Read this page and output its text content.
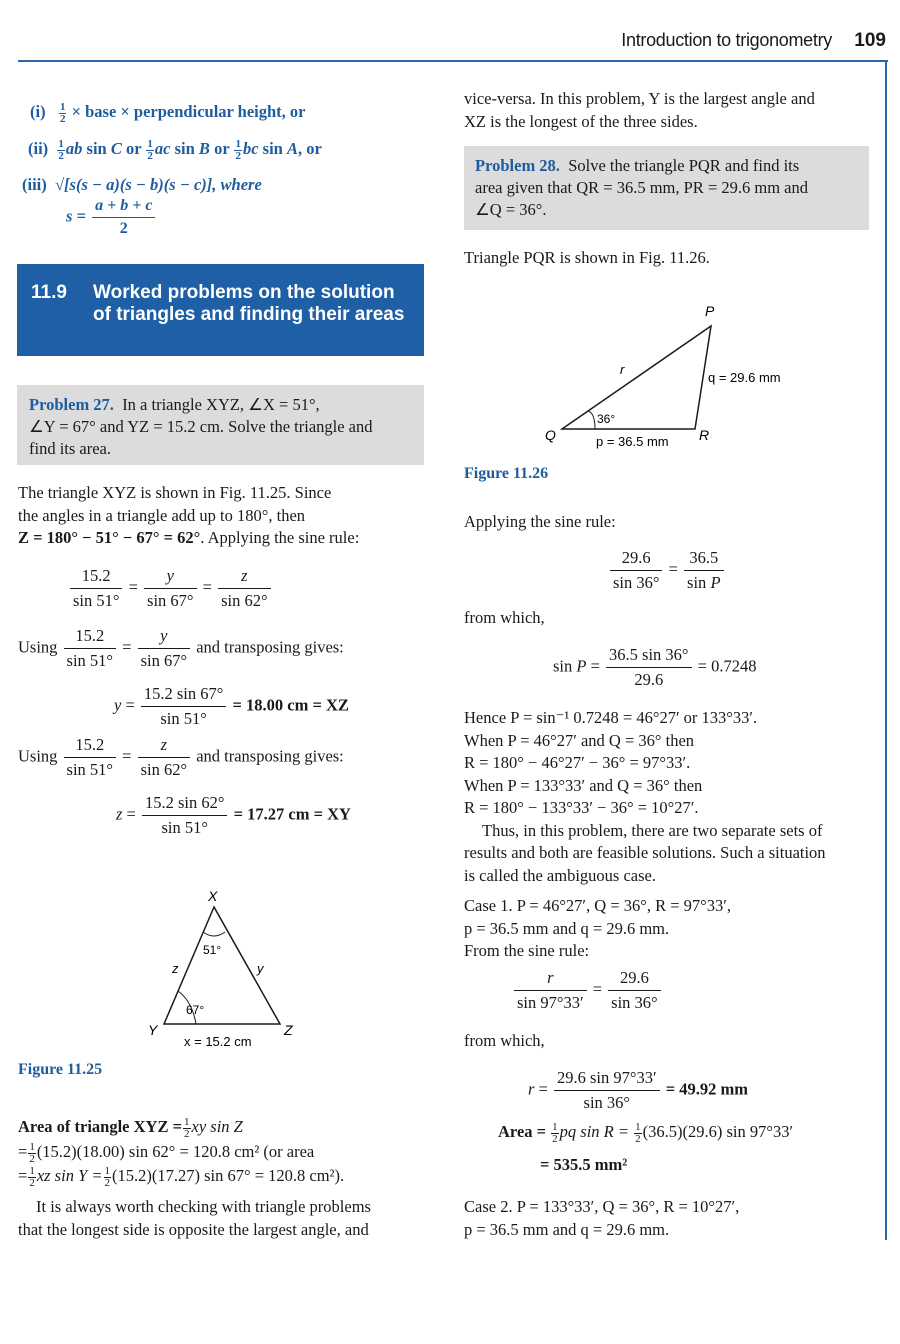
Introduction to trigonometry 109
$(i) \frac{1}{2}$ × base × perpendicular height, or
$(ii) \frac{1}{2}$ ab sin C or $\frac{1}{2}$ ac sin B or $\frac{1}{2}$ bc sin A, or
(iii) √[s(s − a)(s − b)(s − c)], where
$s = \frac{a + b + c}{2}$
11.9 Worked problems on the solution of triangles and finding their areas
Problem 27. In a triangle XYZ, ∠X = 51°,
∠Y = 67° and YZ = 15.2 cm. Solve the triangle and
find its area.
The triangle XYZ is shown in Fig. 11.25. Since
the angles in a triangle add up to 180°, then
Z = 180° − 51° − 67° = 62°. Applying the sine rule:
$\frac{15.2}{\sin 51^\circ} = \frac{y}{\sin 67^\circ} = \frac{z}{\sin 62^\circ}$
Using $\frac{15.2}{\sin 51^\circ} = \frac{y}{\sin 67^\circ}$ and transposing gives:
$y = \frac{15.2 \sin 67^\circ}{\sin 51^\circ} = 18.00$ cm = XZ
Using $\frac{15.2}{\sin 51^\circ} = \frac{z}{\sin 62^\circ}$ and transposing gives:
$z = \frac{15.2 \sin 62^\circ}{\sin 51^\circ} = 17.27$ cm = XY
X
Y	Z
z	y
51°
67°
x = 15.2 cm
Figure 11.25
Area of triangle XYZ = $\frac{1}{2}$ xy sin Z
= $\frac{1}{2} (15.2)(18.00)$ sin 62° = 120.8 cm² (or area
= $\frac{1}{2}$ xz $\sin Y = \frac{1}{2} (15.2)(17.27)$ sin 67° = 120.8 cm²).
It is always worth checking with triangle problems
that the longest side is opposite the largest angle, and
vice-versa. In this problem, Y is the largest angle and
XZ is the longest of the three sides.
Problem 28. Solve the triangle PQR and find its
area given that QR = 36.5 mm, PR = 29.6 mm and
∠Q = 36°.
Triangle PQR is shown in Fig. 11.26.
P
Q	R
r
q = 29.6 mm
p = 36.5 mm
36°
Figure 11.26
Applying the sine rule:
$\frac{29.6}{\sin 36^\circ} = \frac{36.5}{\text{sin P}}$
from which,
$\sin P = \frac{36.5 \sin 36^\circ}{29.6} = 0.7248$
Hence P = sin⁻¹ 0.7248 = 46°27′ or 133°33′.
When P = 46°27′ and Q = 36° then
R = 180° − 46°27′ − 36° = 97°33′.
When P = 133°33′ and Q = 36° then
R = 180° − 133°33′ − 36° = 10°27′.
Thus, in this problem, there are two separate sets of
results and both are feasible solutions. Such a situation
is called the ambiguous case.
Case 1. P = 46°27′, Q = 36°, R = 97°33′,
p = 36.5 mm and q = 29.6 mm.
From the sine rule:
$\frac{r}{\sin 97^\circ 33'} = \frac{29.6}{\sin 36^\circ}$
from which,
$r = \frac{29.6 \sin 97^\circ 33'}{\sin 36^\circ} = 49.92$ mm
Area = $\frac{1}{2}$ pq $\sin R = \frac{1}{2} (36.5)(29.6)$ sin 97°33′
= 535.5 mm²
Case 2. P = 133°33′, Q = 36°, R = 10°27′,
p = 36.5 mm and q = 29.6 mm.
